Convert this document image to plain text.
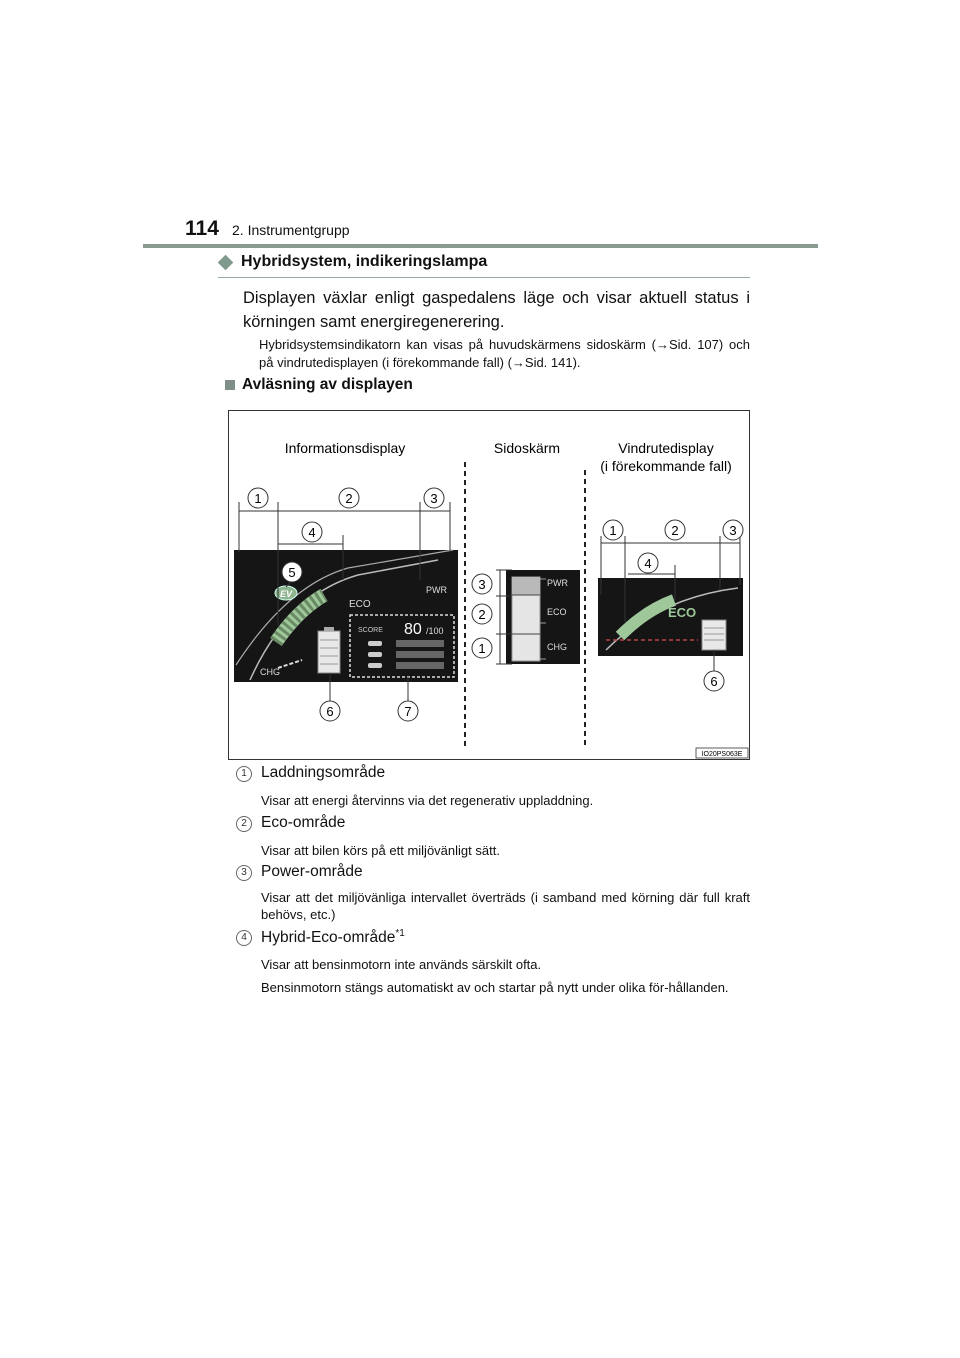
114 2. Instrumentgrupp
Hybridsystem, indikeringslampa
Displayen växlar enligt gaspedalens läge och visar aktuell status i körningen samt energiregenerering.
Hybridsystemsindikatorn kan visas på huvudskärmens sidoskärm (→Sid. 107) och på vindrutedisplayen (i förekommande fall) (→Sid. 141).
Avläsning av displayen
Informationsdisplay	Sidoskärm	Vindrutedisplay
(i förekommande fall)
EV
ECO
PWR
CHG
SCORE 80 /100
PWR
ECO
CHG
ECO
1	2	3
4
5
6	7
3
2
1
1	2	3
4
6
IO20PS063E
1 Laddningsområde
Visar att energi återvinns via det regenerativ uppladdning.
2 Eco-område
Visar att bilen körs på ett miljövänligt sätt.
3 Power-område
Visar att det miljövänliga intervallet överträds (i samband med körning där full kraft behövs, etc.)
4 Hybrid-Eco-område$^{*1}$
Visar att bensinmotorn inte används särskilt ofta.
Bensinmotorn stängs automatiskt av och startar på nytt under olika för-hållanden.
